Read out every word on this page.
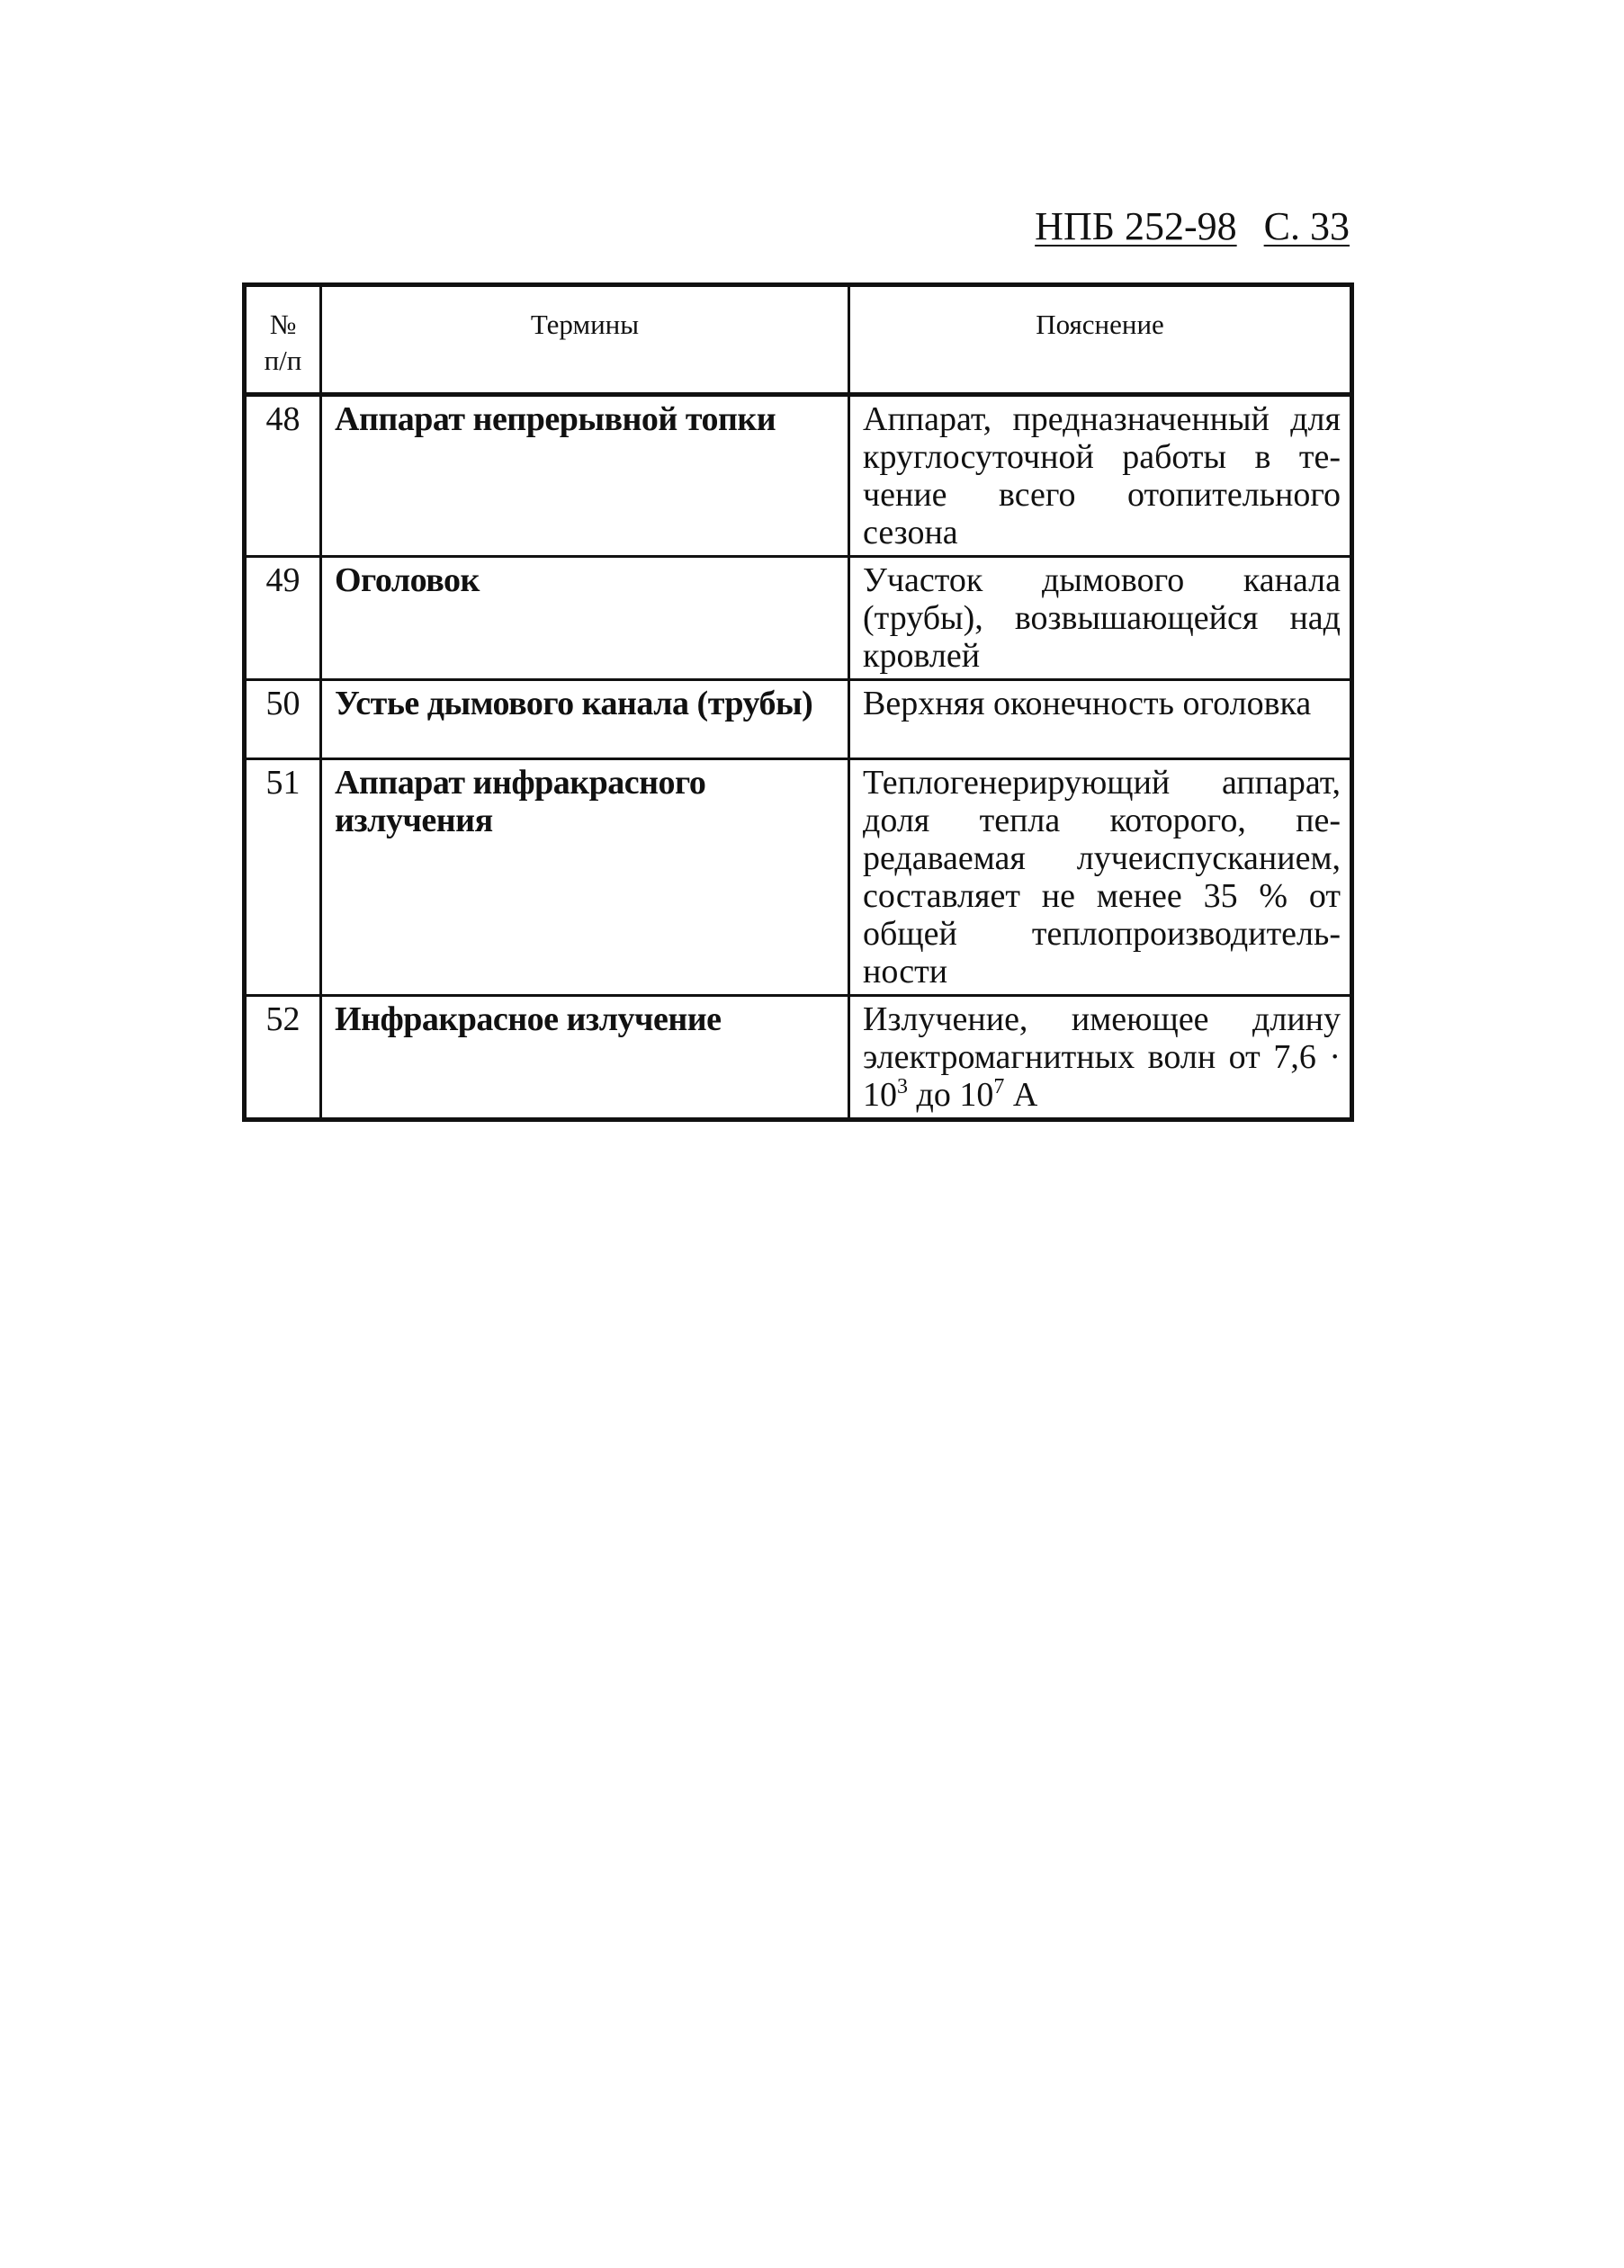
НПБ 252-98 С. 33
№
п/п	Термины	Пояснение
48	Аппарат непрерывной топки	Аппарат, предназначенный для круглосуточной работы в течение всего отопительного сезона
49	Оголовок	Участок дымового канала (трубы), возвышающейся над кровлей
50	Устье дымового канала (трубы)	Верхняя оконечность оголовка
51	Аппарат инфракрасного излучения	Теплогенерирующий аппарат, доля тепла которого, передаваемая лучеиспусканием, составляет не менее 35 % от общей теплопроизводительности
52	Инфракрасное излучение	Излучение, имеющее длину электромагнитных волн от $7,6 \cdot 10^3$ до $10^7$ А
